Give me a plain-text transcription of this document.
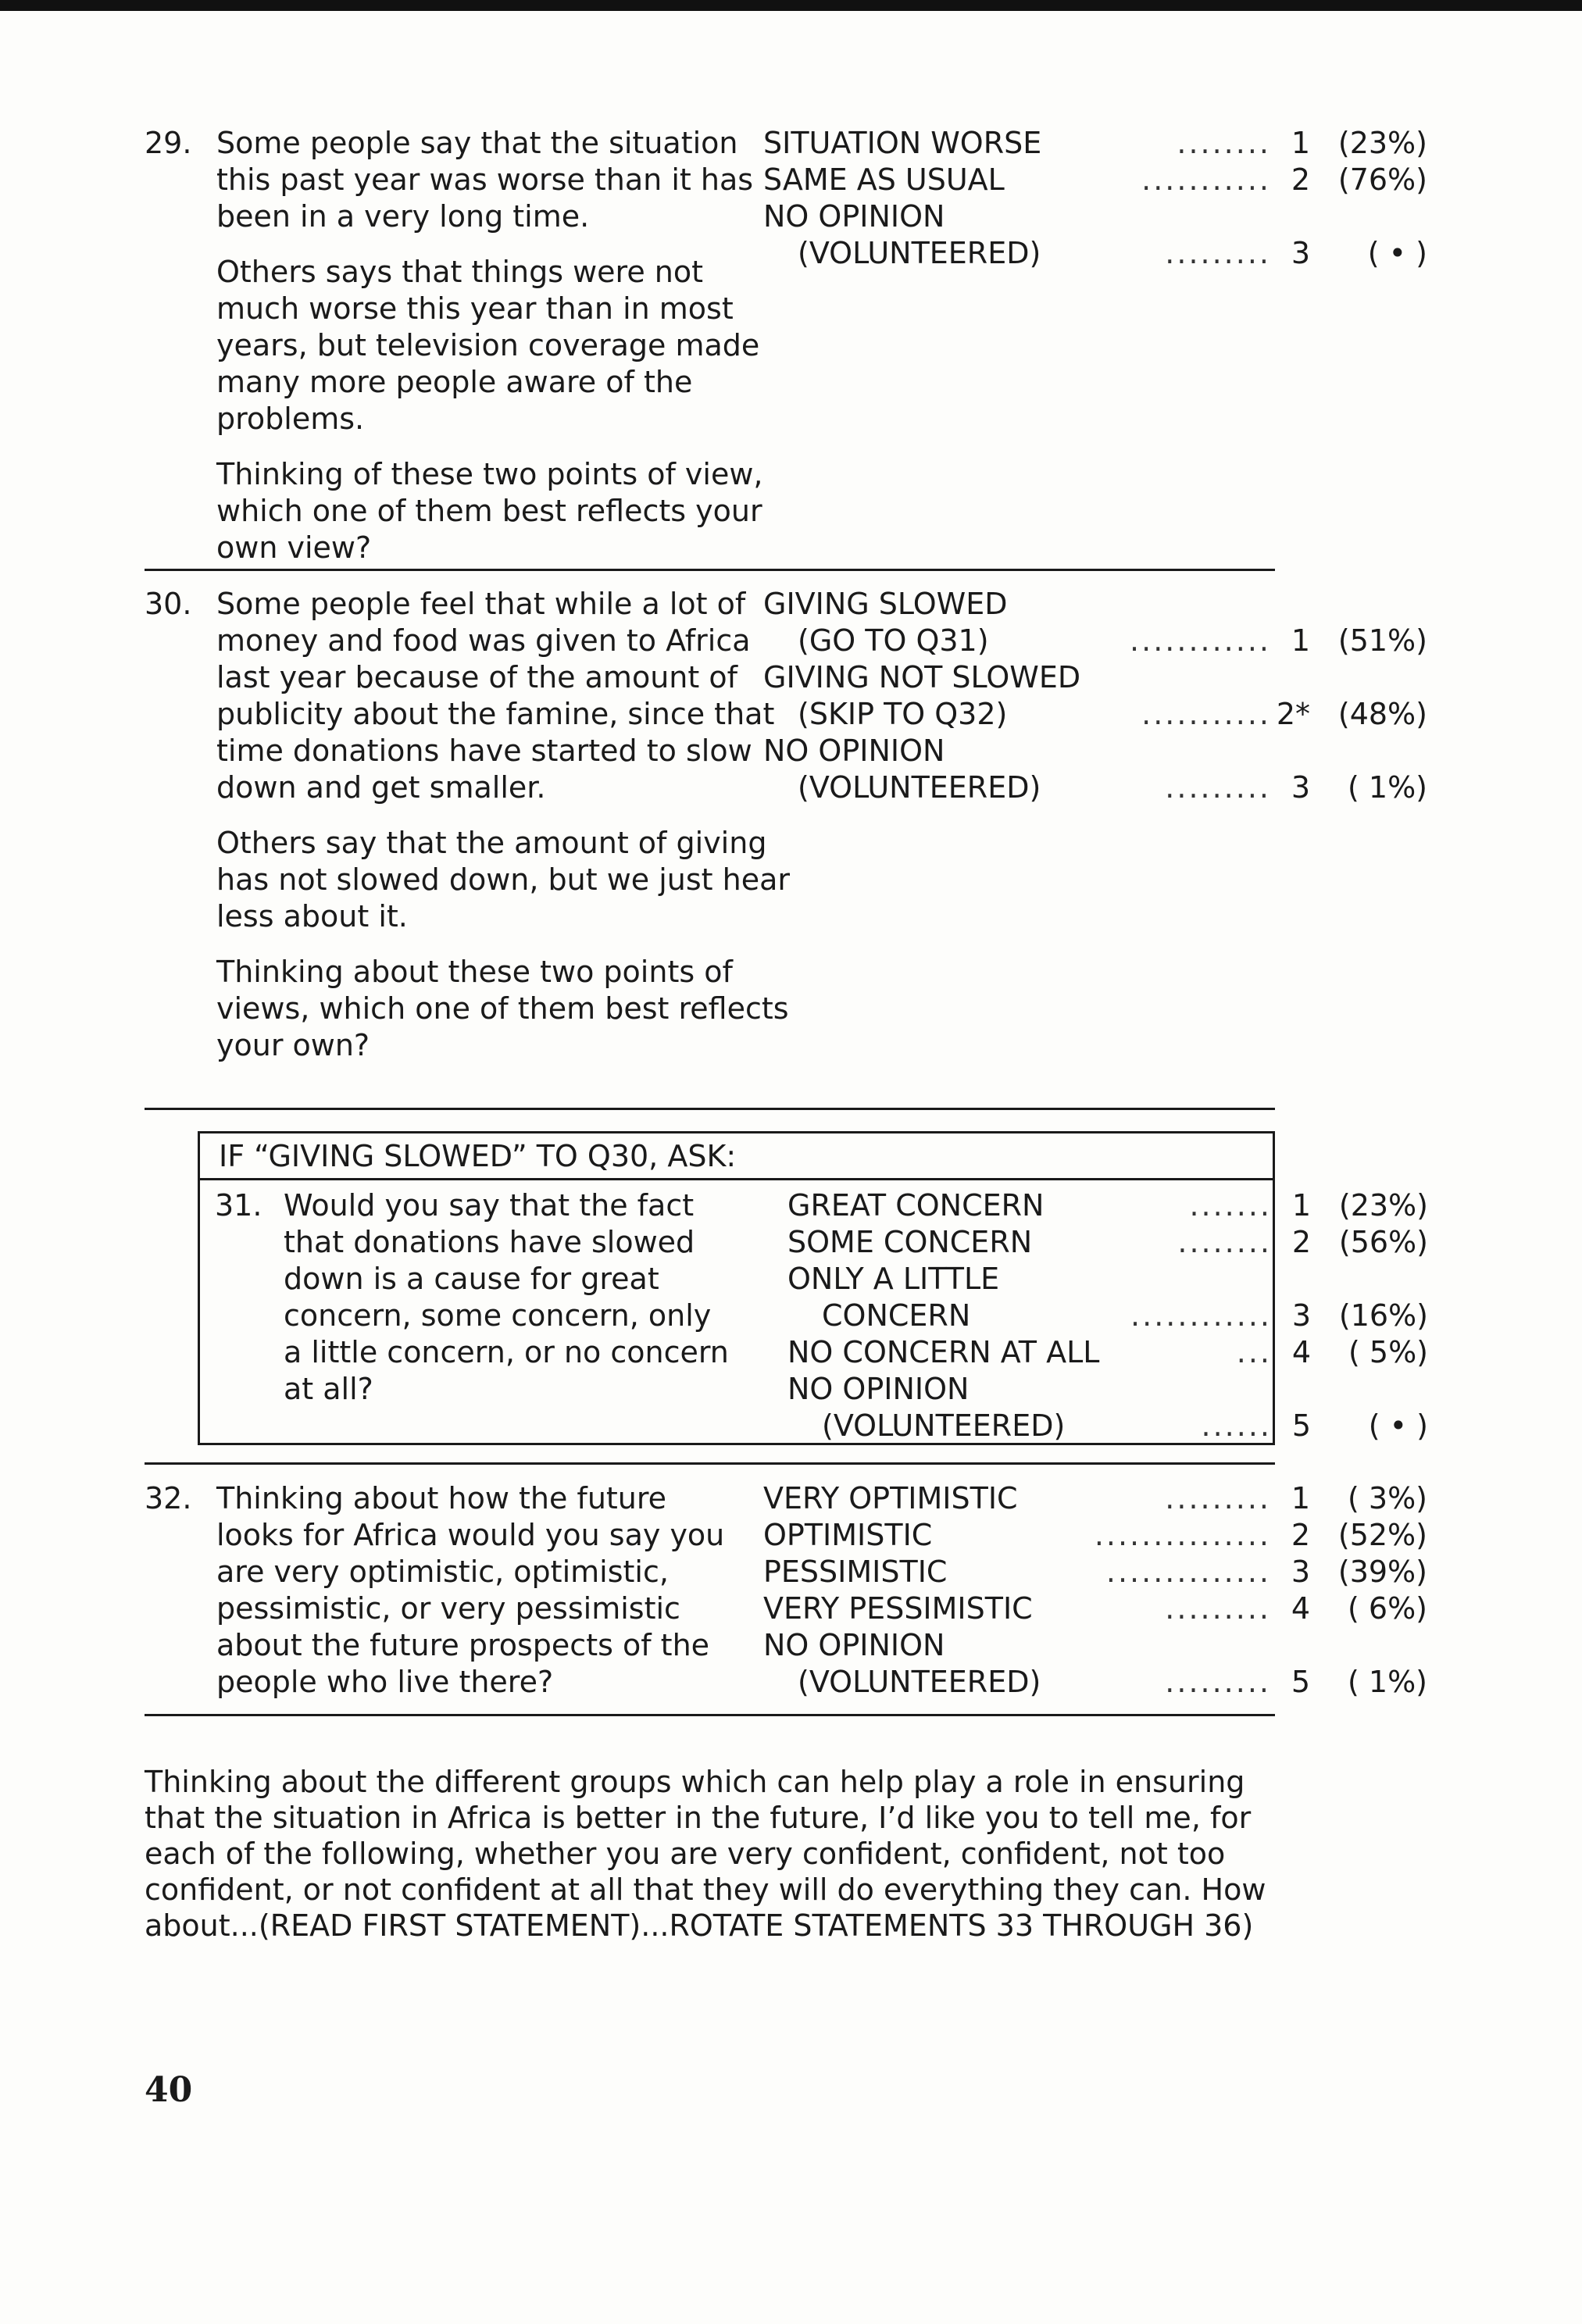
29. Some people say that the situation this past year was worse than it has been in a very long time.

Others says that things were not much worse this year than in most years, but television coverage made many more people aware of the problems.

Thinking of these two points of view, which one of them best reflects your own view?

SITUATION WORSE	........ 1 (23%)
SAME AS USUAL	........... 2 (76%)
NO OPINION
(VOLUNTEERED)	......... 3 ( • )
30. Some people feel that while a lot of money and food was given to Africa last year because of the amount of publicity about the famine, since that time donations have started to slow down and get smaller.

Others say that the amount of giving has not slowed down, but we just hear less about it.

Thinking about these two points of views, which one of them best reflects your own?

GIVING SLOWED
(GO TO Q31)	............ 1 (51%)
GIVING NOT SLOWED
(SKIP TO Q32)	........... 2* (48%)
NO OPINION
(VOLUNTEERED)	......... 3 ( 1%)
IF “GIVING SLOWED” TO Q30, ASK:
31. Would you say that the fact that donations have slowed down is a cause for great concern, some concern, only a little concern, or no concern at all?

GREAT CONCERN	....... 1 (23%)
SOME CONCERN	........ 2 (56%)
ONLY A LITTLE
CONCERN	............ 3 (16%)
NO CONCERN AT ALL	... 4 ( 5%)
NO OPINION
(VOLUNTEERED)	...... 5 ( • )
32. Thinking about how the future looks for Africa would you say you are very optimistic, optimistic, pessimistic, or very pessimistic about the future prospects of the people who live there?

VERY OPTIMISTIC	......... 1 ( 3%)
OPTIMISTIC	............... 2 (52%)
PESSIMISTIC	.............. 3 (39%)
VERY PESSIMISTIC	......... 4 ( 6%)
NO OPINION
(VOLUNTEERED)	......... 5 ( 1%)
Thinking about the different groups which can help play a role in ensuring that the situation in Africa is better in the future, I’d like you to tell me, for each of the following, whether you are very confident, confident, not too confident, or not confident at all that they will do everything they can. How about...(READ FIRST STATEMENT)...ROTATE STATEMENTS 33 THROUGH 36)
40
